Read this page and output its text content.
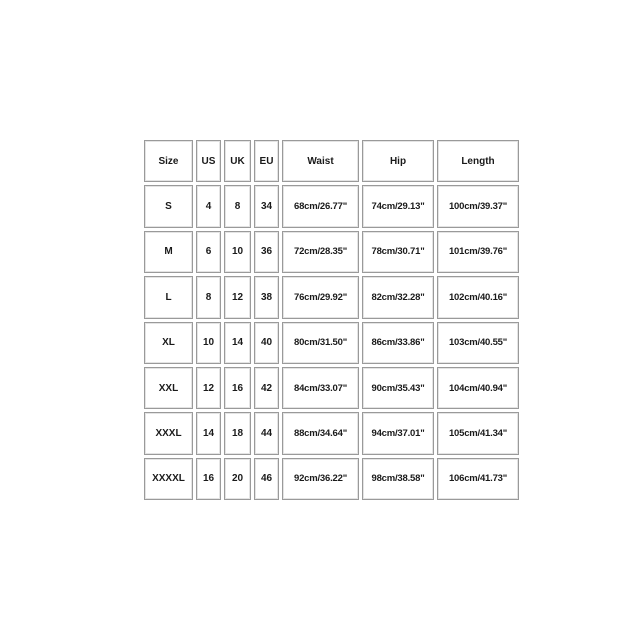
Size	US	UK	EU	Waist	Hip	Length
S	4	8	34	68cm/26.77"	74cm/29.13"	100cm/39.37"
M	6	10	36	72cm/28.35"	78cm/30.71"	101cm/39.76"
L	8	12	38	76cm/29.92"	82cm/32.28"	102cm/40.16"
XL	10	14	40	80cm/31.50"	86cm/33.86"	103cm/40.55"
XXL	12	16	42	84cm/33.07"	90cm/35.43"	104cm/40.94"
XXXL	14	18	44	88cm/34.64"	94cm/37.01"	105cm/41.34"
XXXXL	16	20	46	92cm/36.22"	98cm/38.58"	106cm/41.73"
